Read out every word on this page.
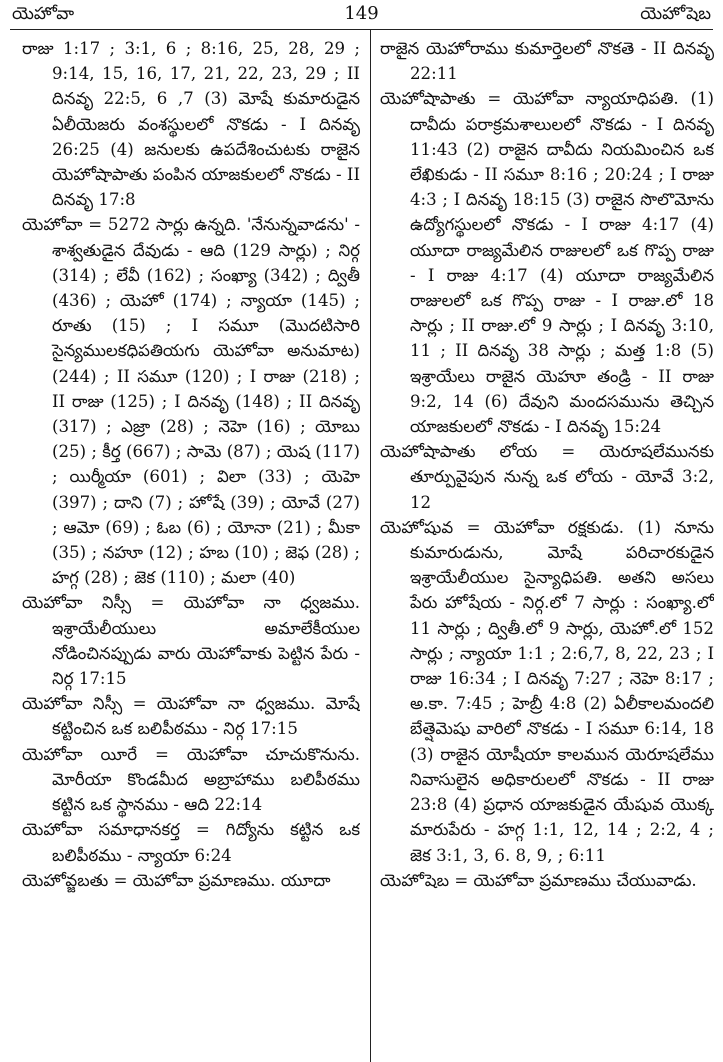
యెహోవా	149	యెహోషెబ

రాజు 1:17 ; 3:1, 6 ; 8:16, 25, 28, 29 ; 9:14, 15, 16, 17, 21, 22, 23, 29 ; II దినవృ 22:5, 6 ,7 (3) మోషే కుమారుడైన ఏలీయెజరు వంశస్థులలో నొకడు - I దినవృ 26:25 (4) జనులకు ఉపదేశించుటకు రాజైన యెహోషాపాతు పంపిన యాజకులలో నొకడు - II దినవృ 17:8

యెహోవా = 5272 సార్లు ఉన్నది. 'నేనున్నవాడను' - శాశ్వతుడైన దేవుడు - ఆది (129 సార్లు) ; నిర్గ (314) ; లేవీ (162) ; సంఖ్యా (342) ; ద్వితీ (436) ; యెహో (174) ; న్యాయా (145) ; రూతు (15) ; I సమూ (మొదటిసారి సైన్యములకధిపతియగు యెహోవా అనుమాట) (244) ; II సమూ (120) ; I రాజు (218) ; II రాజు (125) ; I దినవృ (148) ; II దినవృ (317) ; ఎజ్రా (28) ; నెహె (16) ; యోబు (25) ; కీర్త (667) ; సామె (87) ; యెష (117) ; యిర్మీయా (601) ; విలా (33) ; యెహె (397) ; దాని (7) ; హోషే (39) ; యోవే (27) ; ఆమో (69) ; ఓబ (6) ; యోనా (21) ; మీకా (35) ; నహూ (12) ; హబ (10) ; జెఫ (28) ; హగ్గ (28) ; జెక (110) ; మలా (40)

యెహోవా నిస్సీ = యెహోవా నా ధ్వజము. ఇశ్రాయేలీయులు అమాలేకీయుల నోడించినప్పుడు వారు యెహోవాకు పెట్టిన పేరు - నిర్గ 17:15

యెహోవా నిస్సీ = యెహోవా నా ధ్వజము. మోషే కట్టించిన ఒక బలిపీఠము - నిర్గ 17:15

యెహోవా యీరే = యెహోవా చూచుకొనును. మోరీయా కొండమీద అబ్రాహాము బలిపీఠము కట్టిన ఒక స్థానము - ఆది 22:14

యెహోవా సమాధానకర్త = గిద్యోను కట్టిన ఒక బలిపీఠము - న్యాయా 6:24

యెహోవ్జబతు = యెహోవా ప్రమాణము. యూదా

రాజైన యెహోరాము కుమార్తెలలో నొకతె - II దినవృ 22:11

యెహోషాపాతు = యెహోవా న్యాయాధిపతి. (1) దావీదు పరాక్రమశాలులలో నొకడు - I దినవృ 11:43 (2) రాజైన దావీదు నియమించిన ఒక లేఖికుడు - II సమూ 8:16 ; 20:24 ; I రాజు 4:3 ; I దినవృ 18:15 (3) రాజైన సొలొమోను ఉద్యోగస్థులలో నొకడు - I రాజు 4:17 (4) యూదా రాజ్యమేలిన రాజులలో ఒక గొప్ప రాజు - I రాజు 4:17 (4) యూదా రాజ్యమేలిన రాజులలో ఒక గొప్ప రాజు - I రాజు.లో 18 సార్లు ; II రాజు.లో 9 సార్లు ; I దినవృ 3:10, 11 ; II దినవృ 38 సార్లు ; మత్త 1:8 (5) ఇశ్రాయేలు రాజైన యెహూ తండ్రి - II రాజు 9:2, 14 (6) దేవుని మందసమును తెచ్చిన యాజకులలో నొకడు - I దినవృ 15:24

యెహోషాపాతు లోయ = యెరూషలేమునకు తూర్పువైపున నున్న ఒక లోయ - యోవే 3:2, 12

యెహోషువ = యెహోవా రక్షకుడు. (1) నూను కుమారుడును, మోషే పరిచారకుడైన ఇశ్రాయేలీయుల సైన్యాధిపతి. అతని అసలు పేరు హోషేయ - నిర్గ.లో 7 సార్లు : సంఖ్యా.లో 11 సార్లు ; ద్వితీ.లో 9 సార్లు, యెహో.లో 152 సార్లు ; న్యాయా 1:1 ; 2:6,7, 8, 22, 23 ; I రాజు 16:34 ; I దినవృ 7:27 ; నెహె 8:17 ; అ.కా. 7:45 ; హెబ్రీ 4:8 (2) ఏలీకాలమందలి బేత్షెమెషు వారిలో నొకడు - I సమూ 6:14, 18 (3) రాజైన యోషీయా కాలమున యెరూషలేము నివాసులైన అధికారులలో నొకడు - II రాజు 23:8 (4) ప్రధాన యాజకుడైన యేషువ యొక్క మారుపేరు - హగ్గ 1:1, 12, 14 ; 2:2, 4 ; జెక 3:1, 3, 6. 8, 9, ; 6:11

యెహోషెబ = యెహోవా ప్రమాణము చేయువాడు.
